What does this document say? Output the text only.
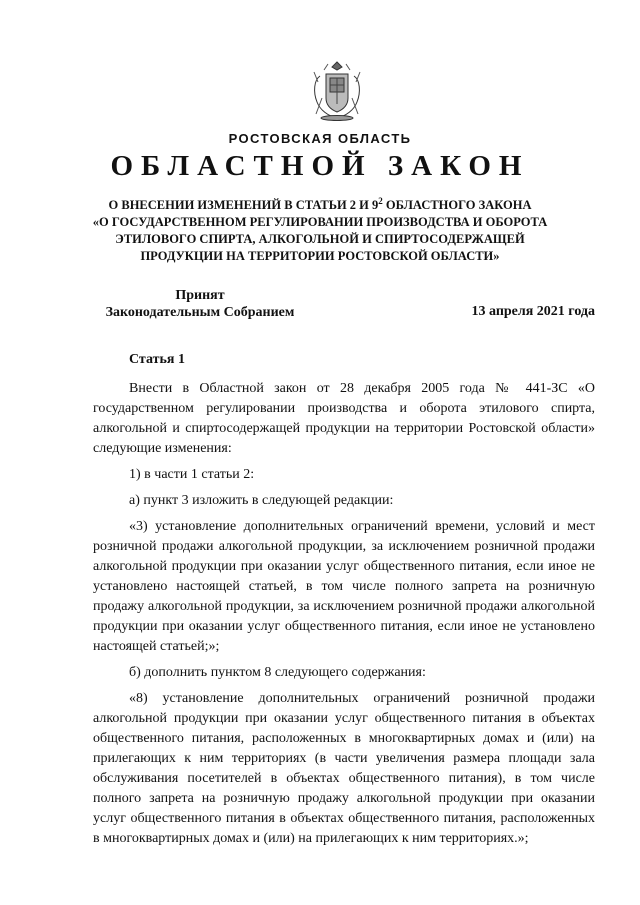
РОСТОВСКАЯ ОБЛАСТЬ
ОБЛАСТНОЙ ЗАКОН
О ВНЕСЕНИИ ИЗМЕНЕНИЙ В СТАТЬИ 2 И $9^2$ ОБЛАСТНОГО ЗАКОНА
«О ГОСУДАРСТВЕННОМ РЕГУЛИРОВАНИИ ПРОИЗВОДСТВА И ОБОРОТА
ЭТИЛОВОГО СПИРТА, АЛКОГОЛЬНОЙ И СПИРТОСОДЕРЖАЩЕЙ
ПРОДУКЦИИ НА ТЕРРИТОРИИ РОСТОВСКОЙ ОБЛАСТИ»
Принят
Законодательным Собранием	13 апреля 2021 года
Статья 1

Внести в Областной закон от 28 декабря 2005 года № 441-ЗС «О государственном регулировании производства и оборота этилового спирта, алкогольной и спиртосодержащей продукции на территории Ростовской области» следующие изменения:

1) в части 1 статьи 2:

а) пункт 3 изложить в следующей редакции:

«3) установление дополнительных ограничений времени, условий и мест розничной продажи алкогольной продукции, за исключением розничной продажи алкогольной продукции при оказании услуг общественного питания, если иное не установлено настоящей статьей, в том числе полного запрета на розничную продажу алкогольной продукции, за исключением розничной продажи алкогольной продукции при оказании услуг общественного питания, если иное не установлено настоящей статьей;»;

б) дополнить пунктом 8 следующего содержания:

«8) установление дополнительных ограничений розничной продажи алкогольной продукции при оказании услуг общественного питания в объектах общественного питания, расположенных в многоквартирных домах и (или) на прилегающих к ним территориях (в части увеличения размера площади зала обслуживания посетителей в объектах общественного питания), в том числе полного запрета на розничную продажу алкогольной продукции при оказании услуг общественного питания в объектах общественного питания, расположенных в многоквартирных домах и (или) на прилегающих к ним территориях.»;
